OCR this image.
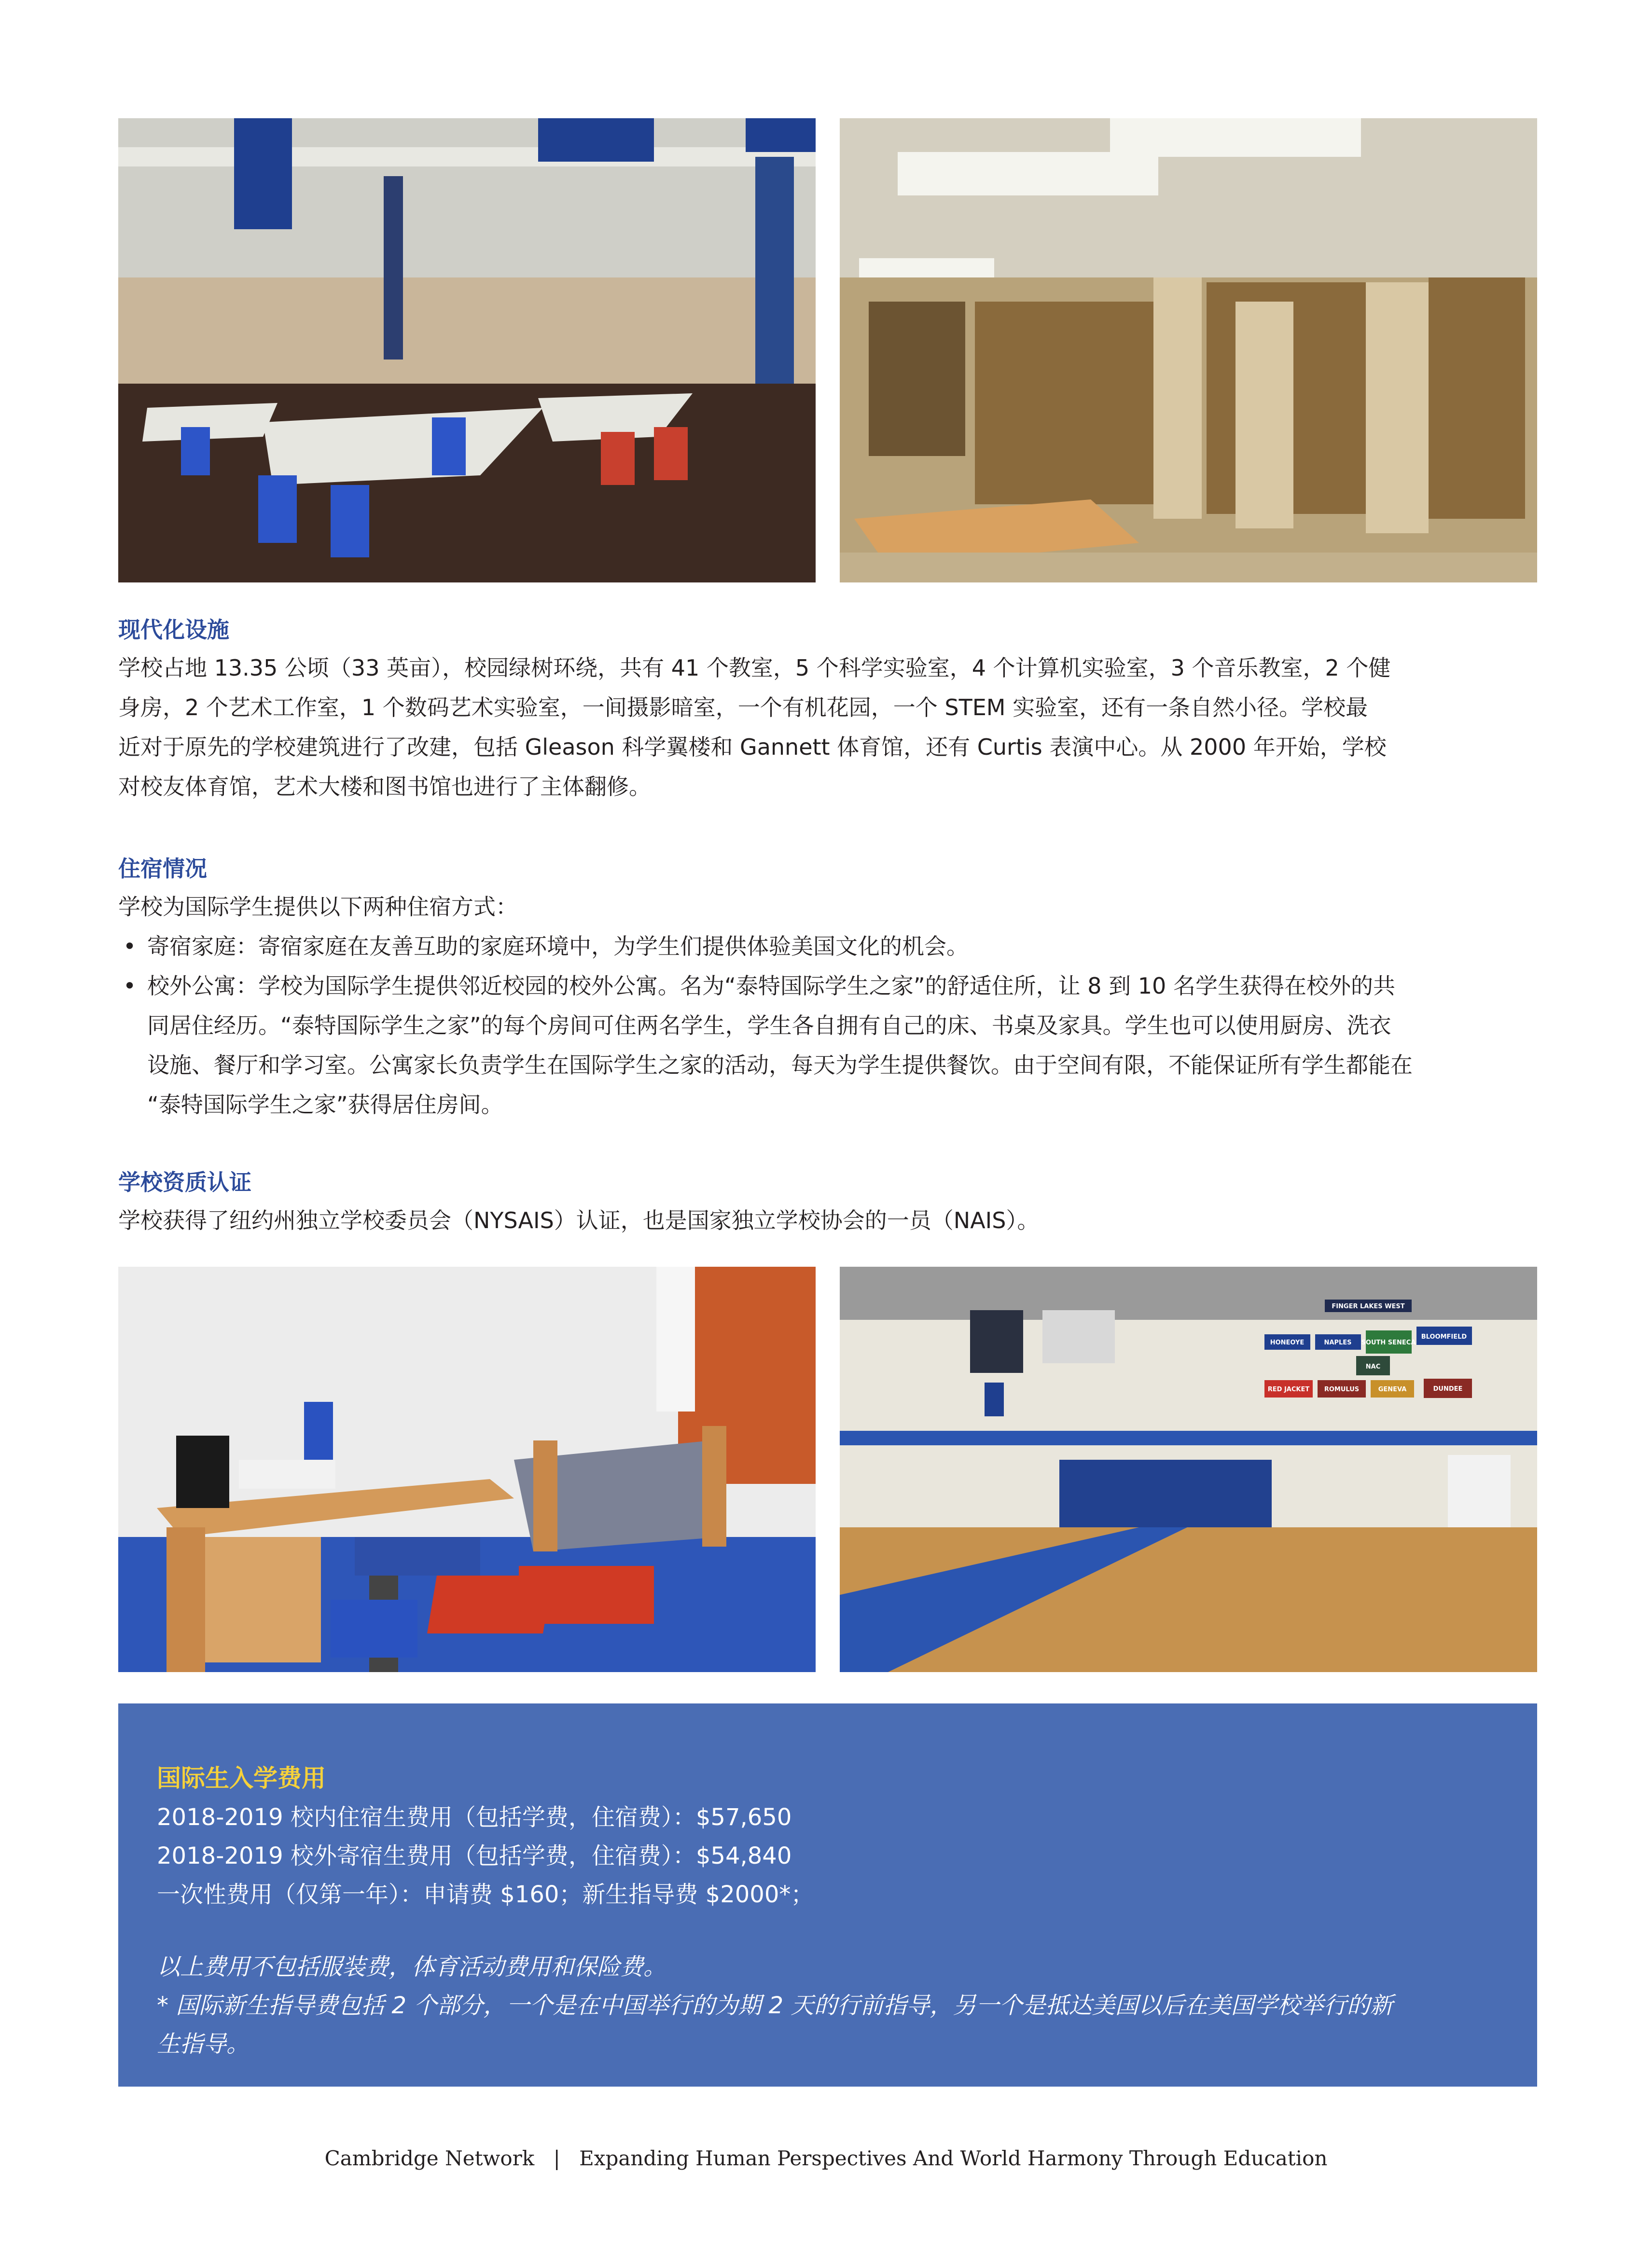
现代化设施

学校占地 13.35 公顷（33 英亩），校园绿树环绕，共有 41 个教室，5 个科学实验室，4 个计算机实验室，3 个音乐教室，2 个健

身房，2 个艺术工作室，1 个数码艺术实验室，一间摄影暗室，一个有机花园，一个 STEM 实验室，还有一条自然小径。学校最

近对于原先的学校建筑进行了改建，包括 Gleason 科学翼楼和 Gannett 体育馆，还有 Curtis 表演中心。从 2000 年开始，学校

对校友体育馆，艺术大楼和图书馆也进行了主体翻修。

住宿情况

学校为国际学生提供以下两种住宿方式：

• 寄宿家庭：寄宿家庭在友善互助的家庭环境中，为学生们提供体验美国文化的机会。
• 校外公寓：学校为国际学生提供邻近校园的校外公寓。名为“泰特国际学生之家”的舒适住所，让 8 到 10 名学生获得在校外的共
同居住经历。“泰特国际学生之家”的每个房间可住两名学生，学生各自拥有自己的床、书桌及家具。学生也可以使用厨房、洗衣
设施、餐厅和学习室。公寓家长负责学生在国际学生之家的活动，每天为学生提供餐饮。由于空间有限，不能保证所有学生都能在
“泰特国际学生之家”获得居住房间。
学校资质认证

学校获得了纽约州独立学校委员会（NYSAIS）认证，也是国家独立学校协会的一员（NAIS）。

FINGER LAKES WEST
HONEOYE	NAPLES SOUTH SENECA
BLOOMFIELD
NAC
RED JACKET ROMULUS	GENEVA	DUNDEE
国际生入学费用

2018-2019 校内住宿生费用（包括学费，住宿费）：$57,650

2018-2019 校外寄宿生费用（包括学费，住宿费）：$54,840

一次性费用（仅第一年）：申请费 $160；新生指导费 $2000*；

以上费用不包括服装费，体育活动费用和保险费。

* 国际新生指导费包括 2 个部分，一个是在中国举行的为期 2 天的行前指导，另一个是抵达美国以后在美国学校举行的新

生指导。

Cambridge Network | Expanding Human Perspectives And World Harmony Through Education
